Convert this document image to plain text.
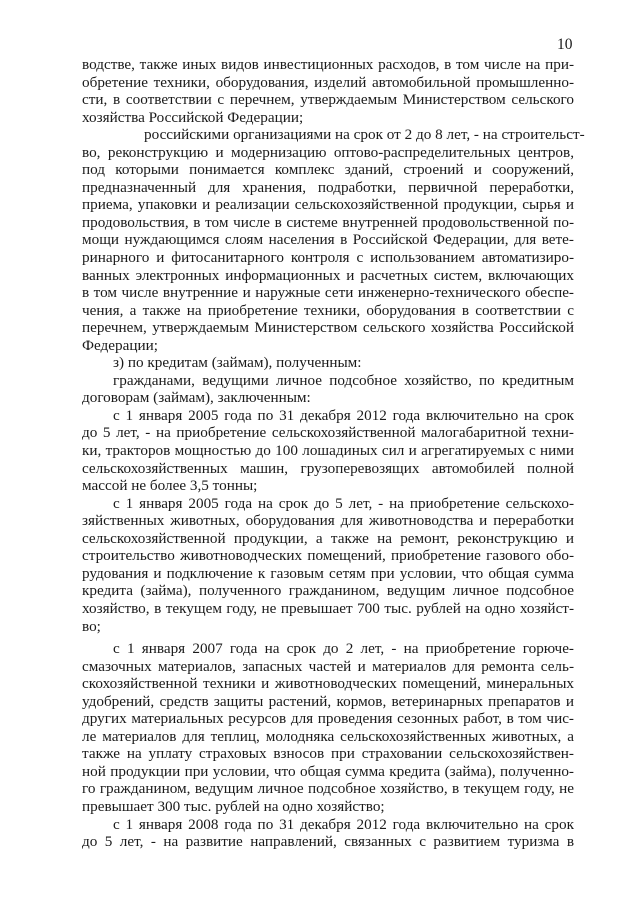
10
водстве, также иных видов инвестиционных расходов, в том числе на при-
обретение техники, оборудования, изделий автомобильной промышленно-
сти, в соответствии с перечнем, утверждаемым Министерством сельского
хозяйства Российской Федерации;
российскими организациями на срок от 2 до 8 лет, - на строительст-
во, реконструкцию и модернизацию оптово-распределительных центров,
под которыми понимается комплекс зданий, строений и сооружений,
предназначенный для хранения, подработки, первичной переработки,
приема, упаковки и реализации сельскохозяйственной продукции, сырья и
продовольствия, в том числе в системе внутренней продовольственной по-
мощи нуждающимся слоям населения в Российской Федерации, для вете-
ринарного и фитосанитарного контроля с использованием автоматизиро-
ванных электронных информационных и расчетных систем, включающих
в том числе внутренние и наружные сети инженерно-технического обеспе-
чения, а также на приобретение техники, оборудования в соответствии с
перечнем, утверждаемым Министерством сельского хозяйства Российской
Федерации;
з) по кредитам (займам), полученным:
гражданами, ведущими личное подсобное хозяйство, по кредитным
договорам (займам), заключенным:
с 1 января 2005 года по 31 декабря 2012 года включительно на срок
до 5 лет, - на приобретение сельскохозяйственной малогабаритной техни-
ки, тракторов мощностью до 100 лошадиных сил и агрегатируемых с ними
сельскохозяйственных машин, грузоперевозящих автомобилей полной
массой не более 3,5 тонны;
с 1 января 2005 года на срок до 5 лет, - на приобретение сельскохо-
зяйственных животных, оборудования для животноводства и переработки
сельскохозяйственной продукции, а также на ремонт, реконструкцию и
строительство животноводческих помещений, приобретение газового обо-
рудования и подключение к газовым сетям при условии, что общая сумма
кредита (займа), полученного гражданином, ведущим личное подсобное
хозяйство, в текущем году, не превышает 700 тыс. рублей на одно хозяйст-
во;
с 1 января 2007 года на срок до 2 лет, - на приобретение горюче-
смазочных материалов, запасных частей и материалов для ремонта сель-
скохозяйственной техники и животноводческих помещений, минеральных
удобрений, средств защиты растений, кормов, ветеринарных препаратов и
других материальных ресурсов для проведения сезонных работ, в том чис-
ле материалов для теплиц, молодняка сельскохозяйственных животных, а
также на уплату страховых взносов при страховании сельскохозяйствен-
ной продукции при условии, что общая сумма кредита (займа), полученно-
го гражданином, ведущим личное подсобное хозяйство, в текущем году, не
превышает 300 тыс. рублей на одно хозяйство;
с 1 января 2008 года по 31 декабря 2012 года включительно на срок
до 5 лет, - на развитие направлений, связанных с развитием туризма в
